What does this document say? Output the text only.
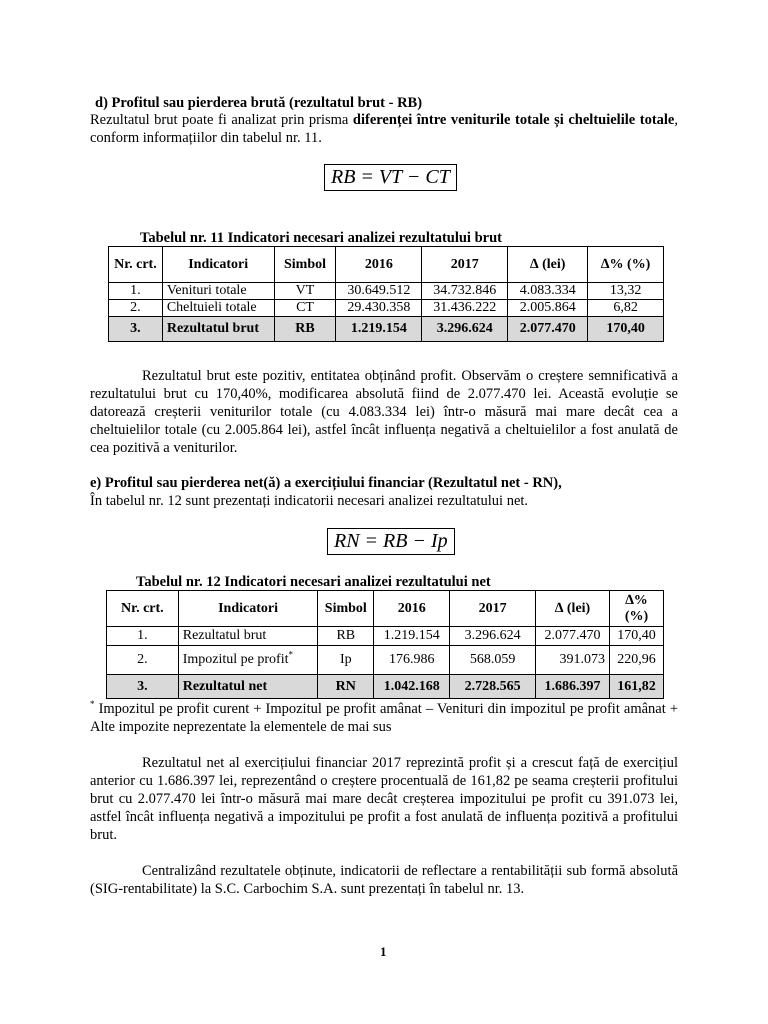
d) Profitul sau pierderea brută (rezultatul brut - RB)
Rezultatul brut poate fi analizat prin prisma diferenței între veniturile totale și cheltuielile totale, conform informațiilor din tabelul nr. 11.
RB = VT − CT
Tabelul nr. 11 Indicatori necesari analizei rezultatului brut
Nr. crt.	Indicatori	Simbol	2016	2017	∆ (lei)	∆% (%)
1.	Venituri totale	VT	30.649.512	34.732.846	4.083.334	13,32
2.	Cheltuieli totale	CT	29.430.358	31.436.222	2.005.864	6,82
3.	Rezultatul brut	RB	1.219.154	3.296.624	2.077.470	170,40
Rezultatul brut este pozitiv, entitatea obținând profit. Observăm o creștere semnificativă a rezultatului brut cu 170,40%, modificarea absolută fiind de 2.077.470 lei. Această evoluție se datorează creșterii veniturilor totale (cu 4.083.334 lei) într-o măsură mai mare decât cea a cheltuielilor totale (cu 2.005.864 lei), astfel încât influența negativă a cheltuielilor a fost anulată de cea pozitivă a veniturilor.
e) Profitul sau pierderea net(ă) a exercițiului financiar (Rezultatul net - RN),
În tabelul nr. 12 sunt prezentați indicatorii necesari analizei rezultatului net.
RN = RB − Ip
Tabelul nr. 12 Indicatori necesari analizei rezultatului net
Nr. crt.	Indicatori	Simbol	2016	2017	∆ (lei)	∆% (%)
1.	Rezultatul brut	RB	1.219.154	3.296.624	2.077.470	170,40
2.	Impozitul pe profit*	Ip	176.986	568.059	391.073	220,96
3.	Rezultatul net	RN	1.042.168	2.728.565	1.686.397	161,82
* Impozitul pe profit curent + Impozitul pe profit amânat – Venituri din impozitul pe profit amânat + Alte impozite neprezentate la elementele de mai sus
Rezultatul net al exercițiului financiar 2017 reprezintă profit și a crescut față de exercițiul anterior cu 1.686.397 lei, reprezentând o creștere procentuală de 161,82 pe seama creșterii profitului brut cu 2.077.470 lei într-o măsură mai mare decât creșterea impozitului pe profit cu 391.073 lei, astfel încât influența negativă a impozitului pe profit a fost anulată de influența pozitivă a profitului brut.
Centralizând rezultatele obținute, indicatorii de reflectare a rentabilității sub formă absolută (SIG-rentabilitate) la S.C. Carbochim S.A. sunt prezentați în tabelul nr. 13.
1
